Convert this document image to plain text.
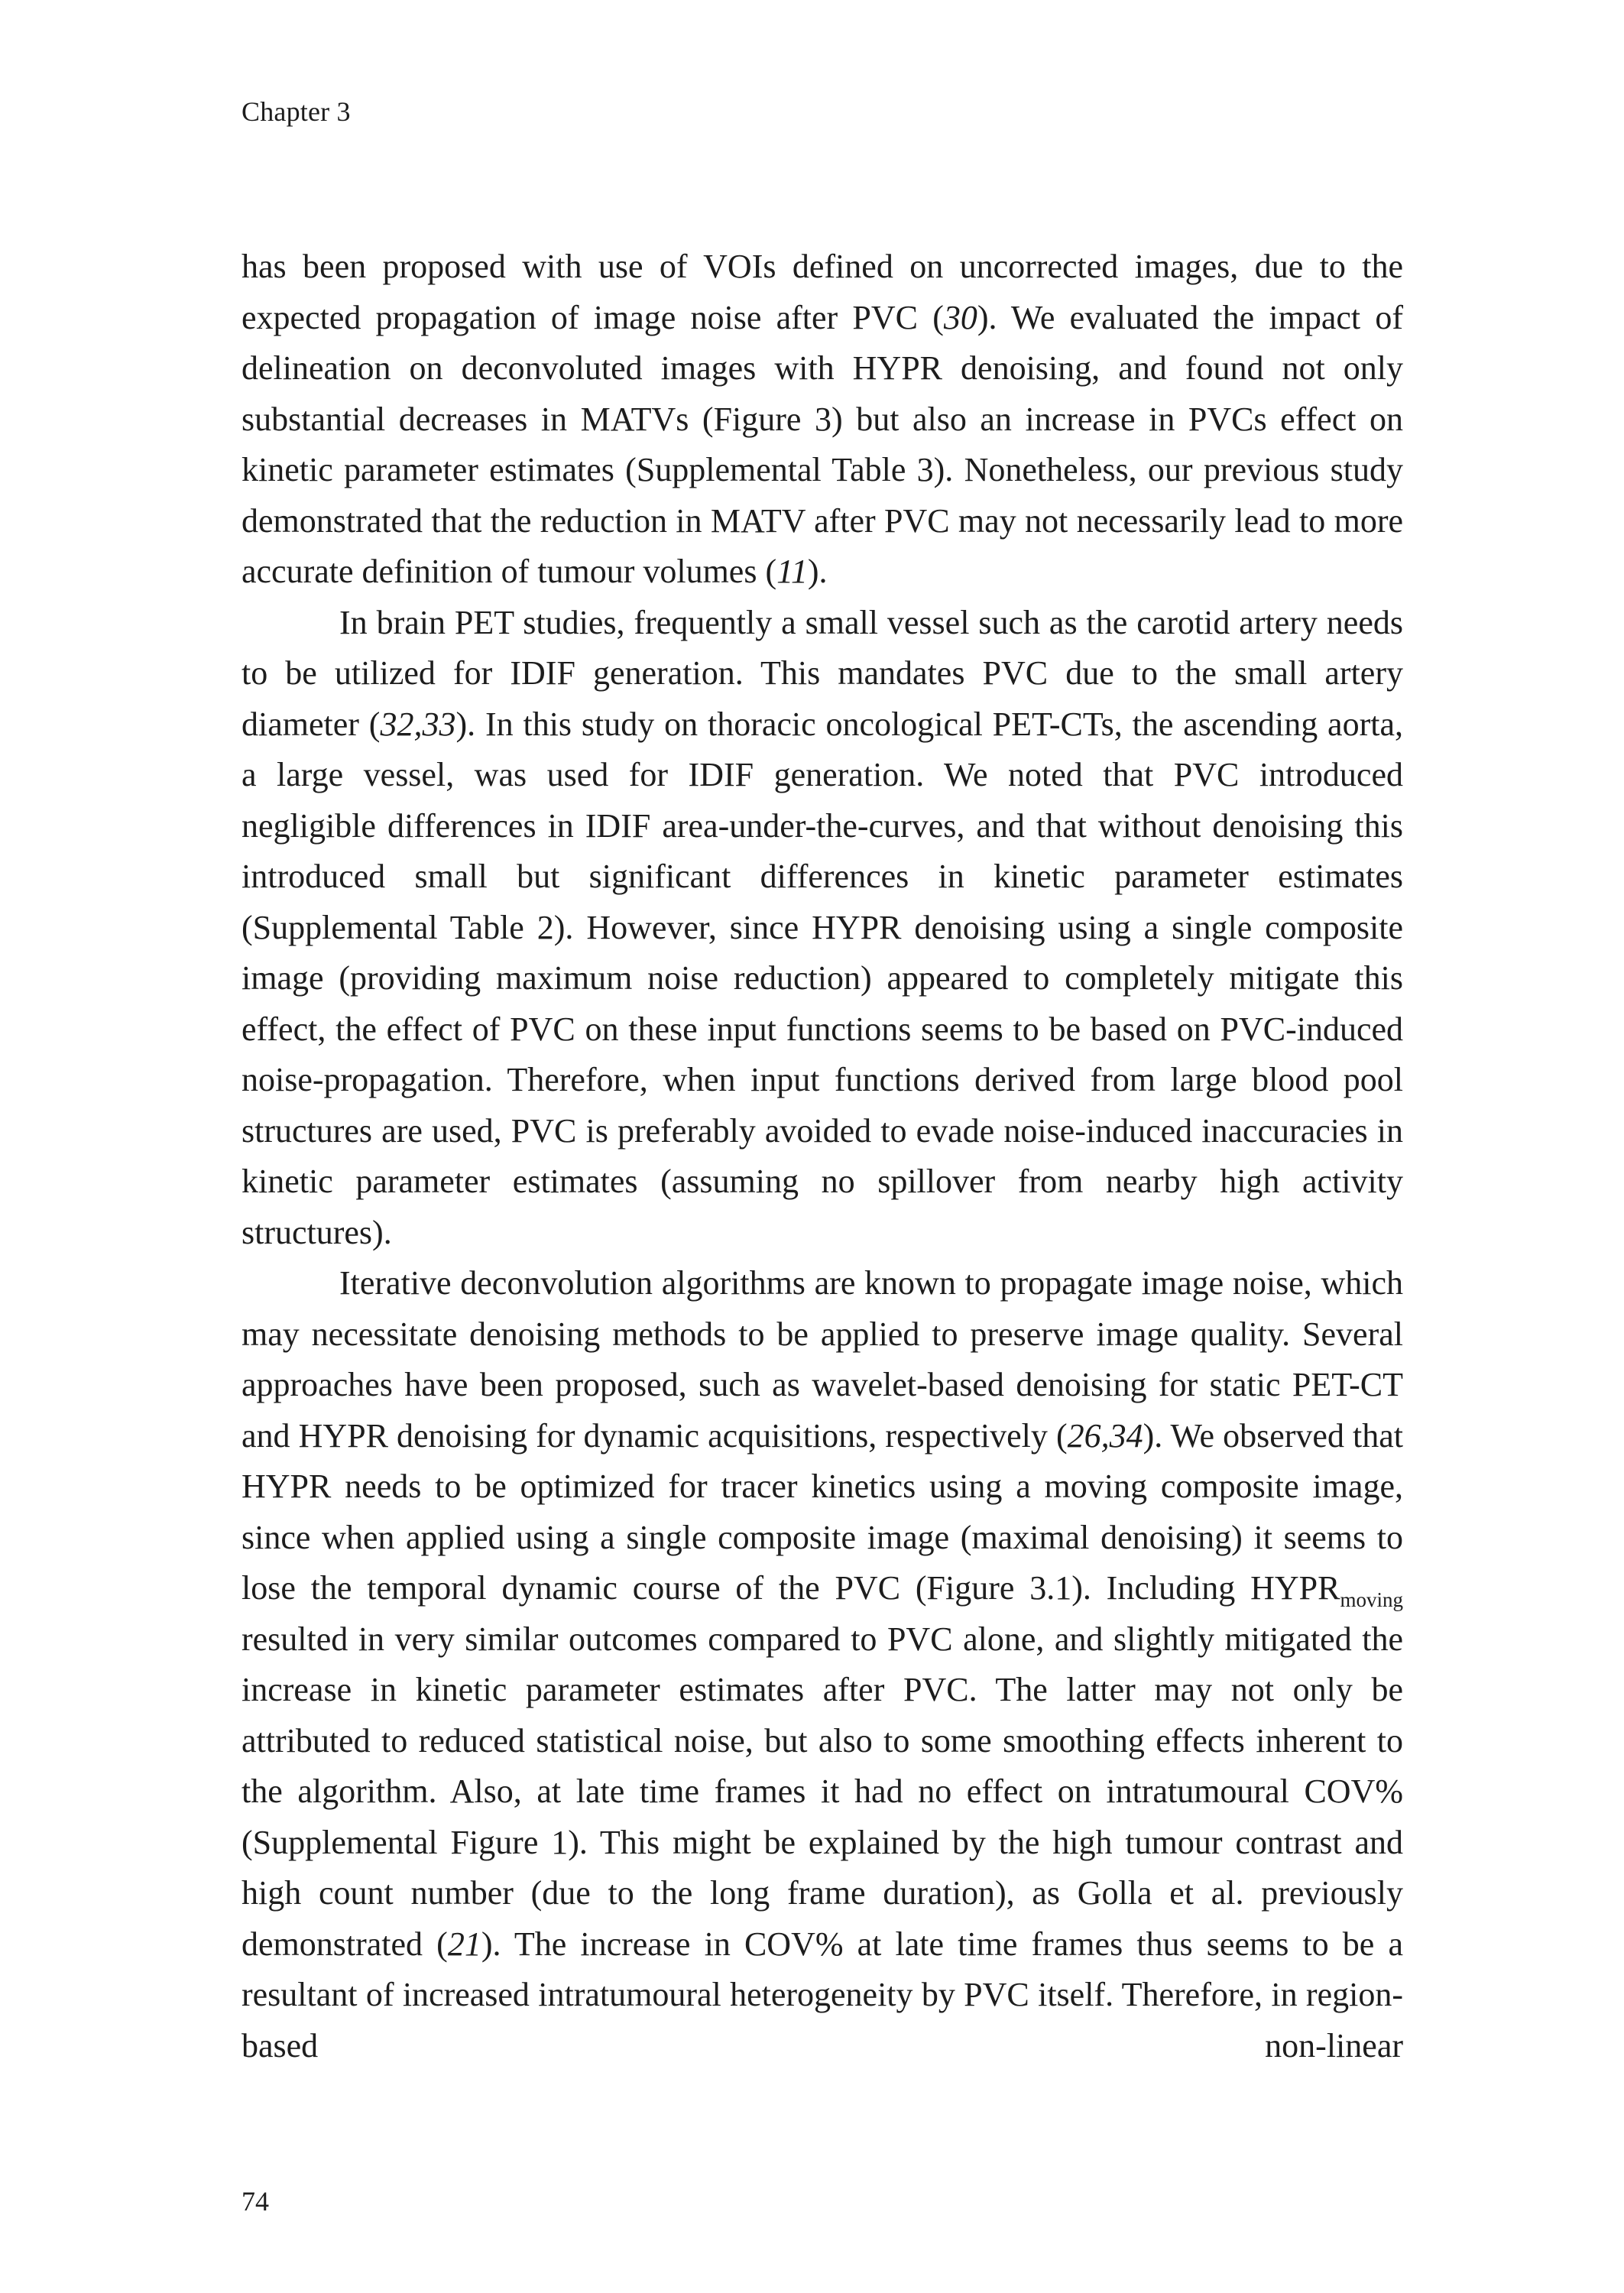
Chapter 3

has been proposed with use of VOIs defined on uncorrected images, due to the expected propagation of image noise after PVC (30). We evaluated the impact of delineation on deconvoluted images with HYPR denoising, and found not only substantial decreases in MATVs (Figure 3) but also an increase in PVCs effect on kinetic parameter estimates (Supplemental Table 3). Nonetheless, our previous study demonstrated that the reduction in MATV after PVC may not necessarily lead to more accurate definition of tumour volumes (11).

In brain PET studies, frequently a small vessel such as the carotid artery needs to be utilized for IDIF generation. This mandates PVC due to the small artery diameter (32,33). In this study on thoracic oncological PET-CTs, the ascending aorta, a large vessel, was used for IDIF generation. We noted that PVC introduced negligible differences in IDIF area-under-the-curves, and that without denoising this introduced small but significant differences in kinetic parameter estimates (Supplemental Table 2). However, since HYPR denoising using a single composite image (providing maximum noise reduction) appeared to completely mitigate this effect, the effect of PVC on these input functions seems to be based on PVC-induced noise-propagation. Therefore, when input functions derived from large blood pool structures are used, PVC is preferably avoided to evade noise-induced inaccuracies in kinetic parameter estimates (assuming no spillover from nearby high activity structures).

Iterative deconvolution algorithms are known to propagate image noise, which may necessitate denoising methods to be applied to preserve image quality. Several approaches have been proposed, such as wavelet-based denoising for static PET-CT and HYPR denoising for dynamic acquisitions, respectively (26,34). We observed that HYPR needs to be optimized for tracer kinetics using a moving composite image, since when applied using a single composite image (maximal denoising) it seems to lose the temporal dynamic course of the PVC (Figure 3.1). Including $HYPR_{moving}$ resulted in very similar outcomes compared to PVC alone, and slightly mitigated the increase in kinetic parameter estimates after PVC. The latter may not only be attributed to reduced statistical noise, but also to some smoothing effects inherent to the algorithm. Also, at late time frames it had no effect on intratumoural COV% (Supplemental Figure 1). This might be explained by the high tumour contrast and high count number (due to the long frame duration), as Golla et al. previously demonstrated (21). The increase in COV% at late time frames thus seems to be a resultant of increased intratumoural heterogeneity by PVC itself. Therefore, in region-based non-linear

74
